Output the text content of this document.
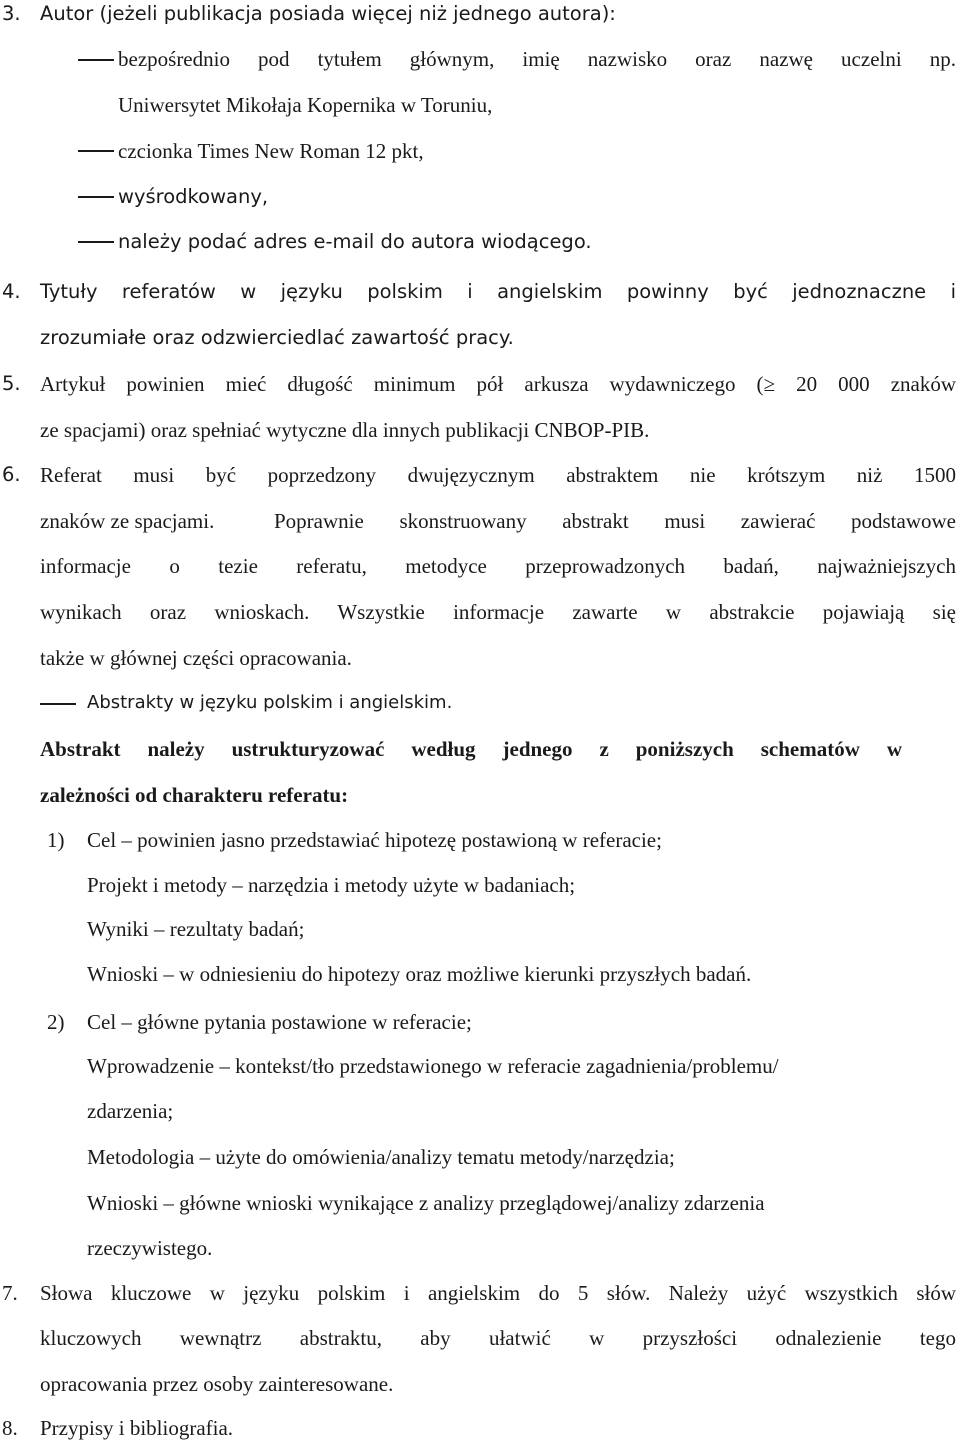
3. Autor (jeżeli publikacja posiada więcej niż jednego autora):
bezpośrednio pod tytułem głównym, imię nazwisko oraz nazwę uczelni np.
Uniwersytet Mikołaja Kopernika w Toruniu,
czcionka Times New Roman 12 pkt,
wyśrodkowany,
należy podać adres e-mail do autora wiodącego.
4. Tytuły referatów w języku polskim i angielskim powinny być jednoznaczne i
zrozumiałe oraz odzwierciedlać zawartość pracy.
5. Artykuł powinien mieć długość minimum pół arkusza wydawniczego (≥ 20 000 znaków
ze spacjami) oraz spełniać wytyczne dla innych publikacji CNBOP-PIB.
6. Referat musi być poprzedzony dwujęzycznym abstraktem nie krótszym niż 1500
znaków ze spacjami.	Poprawnie skonstruowany abstrakt musi zawierać podstawowe
informacje o tezie referatu, metodyce przeprowadzonych badań, najważniejszych
wynikach oraz wnioskach. Wszystkie informacje zawarte w abstrakcie pojawiają się
także w głównej części opracowania.
Abstrakty w języku polskim i angielskim.
Abstrakt należy ustrukturyzować według jednego z poniższych schematów w
zależności od charakteru referatu:
1) Cel – powinien jasno przedstawiać hipotezę postawioną w referacie;
Projekt i metody – narzędzia i metody użyte w badaniach;
Wyniki – rezultaty badań;
Wnioski – w odniesieniu do hipotezy oraz możliwe kierunki przyszłych badań.
2) Cel – główne pytania postawione w referacie;
Wprowadzenie – kontekst/tło przedstawionego w referacie zagadnienia/problemu/
zdarzenia;
Metodologia – użyte do omówienia/analizy tematu metody/narzędzia;
Wnioski – główne wnioski wynikające z analizy przeglądowej/analizy zdarzenia
rzeczywistego.
7. Słowa kluczowe w języku polskim i angielskim do 5 słów. Należy użyć wszystkich słów
kluczowych wewnątrz abstraktu, aby ułatwić w przyszłości odnalezienie tego
opracowania przez osoby zainteresowane.
8. Przypisy i bibliografia.
